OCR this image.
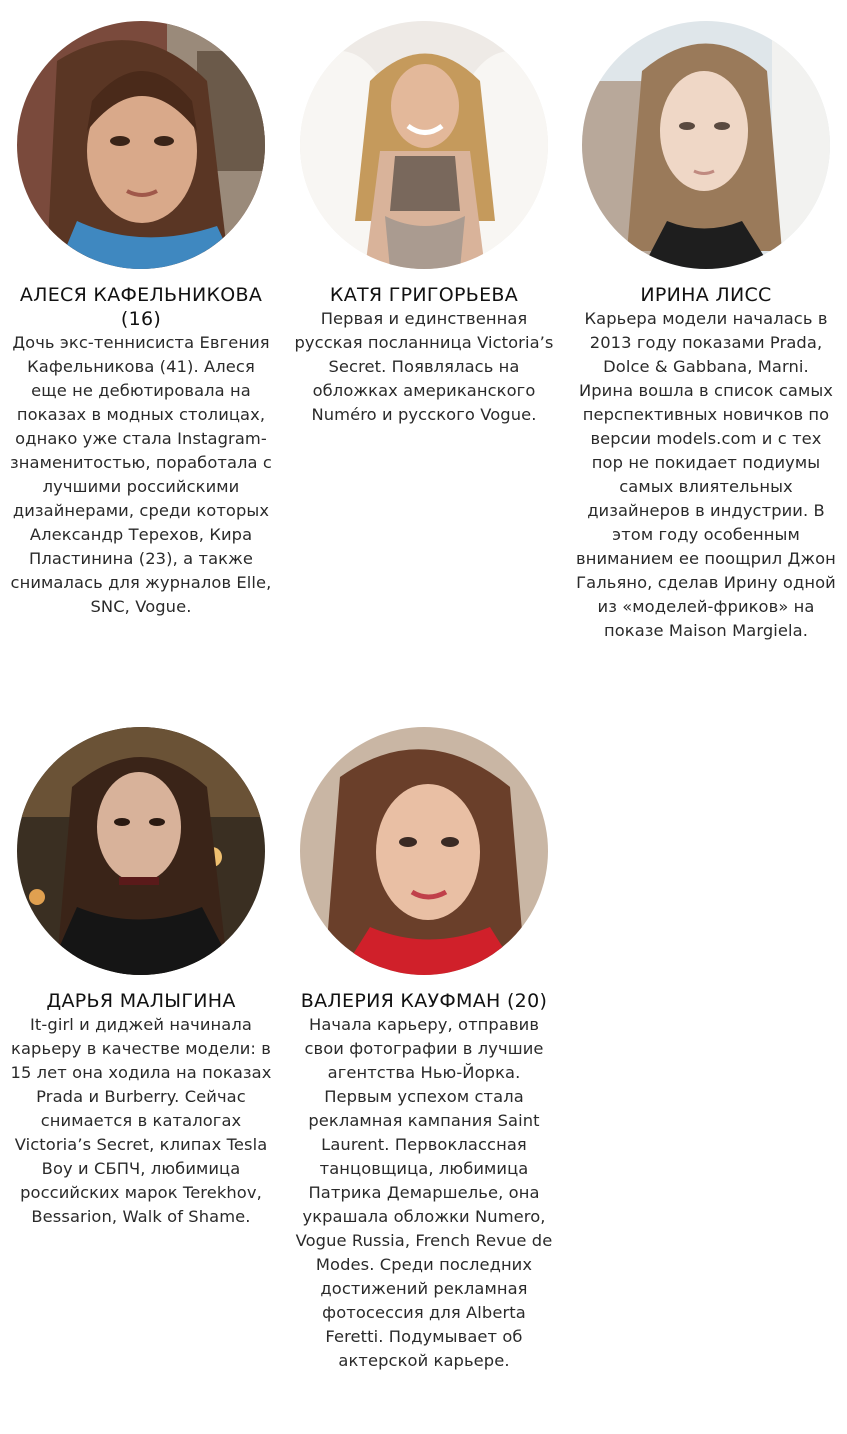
АЛЕСЯ КАФЕЛЬНИКОВА (16)
Дочь экс-теннисиста Евгения Кафельникова (41). Алеся еще не дебютировала на показах в модных столицах, однако уже стала Instagram-знаменитостью, поработала с лучшими российскими дизайнерами, среди которых Александр Терехов, Кира Пластинина (23), а также снималась для журналов Elle, SNC, Vogue.
КАТЯ ГРИГОРЬЕВА
Первая и единственная русская посланница Victoria’s Secret. Появлялась на обложках американского Numéro и русского Vogue.
ИРИНА ЛИСС
Карьера модели началась в 2013 году показами Prada, Dolce & Gabbana, Marni. Ирина вошла в список самых перспективных новичков по версии models.com и с тех пор не покидает подиумы самых влиятельных дизайнеров в индустрии. В этом году особенным вниманием ее поощрил Джон Гальяно, сделав Ирину одной из «моделей-фриков» на показе Maison Margiela.
ДАРЬЯ МАЛЫГИНА
It-girl и диджей начинала карьеру в качестве модели: в 15 лет она ходила на показах Prada и Burberry. Сейчас снимается в каталогах Victoria’s Secret, клипах Tesla Boy и СБПЧ, любимица российских марок Terekhov, Bessarion, Walk of Shame.
ВАЛЕРИЯ КАУФМАН (20)
Начала карьеру, отправив свои фотографии в лучшие агентства Нью-Йорка. Первым успехом стала рекламная кампания Saint Laurent. Первоклассная танцовщица, любимица Патрика Демаршелье, она украшала обложки Numero, Vogue Russia, French Revue de Modes. Среди последних достижений рекламная фотосессия для Alberta Feretti. Подумывает об актерской карьере.
